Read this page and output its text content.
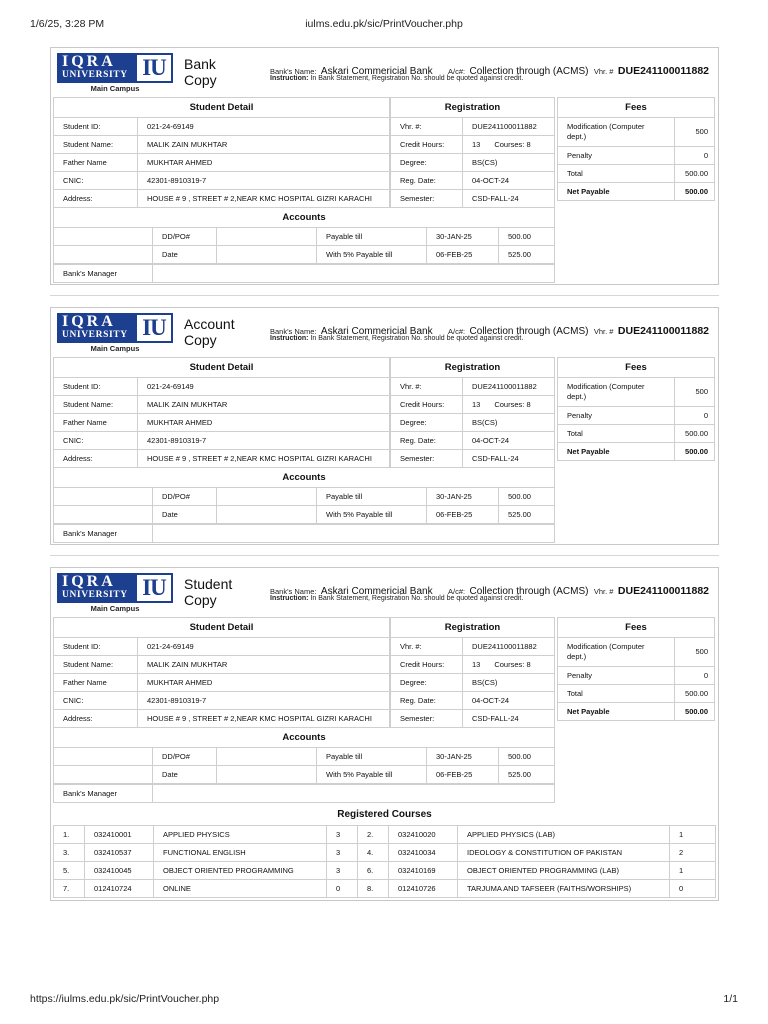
1/6/25, 3:28 PM	iulms.edu.pk/sic/PrintVoucher.php
IQRA
UNIVERSITY IU
Main Campus
Bank
Copy
Bank's Name: Askari Commericial Bank A/c#: Collection through (ACMS) Vhr. # DUE241100011882
Instruction: In Bank Statement, Registration No. should be quoted against credit.
Student Detail	
Student ID:	021-24-69149
Student Name:	MALIK ZAIN MUKHTAR
Father Name	MUKHTAR AHMED
CNIC:	42301-8910319-7
Address:	HOUSE # 9 , STREET # 2,NEAR KMC HOSPITAL GIZRI KARACHI
Registration	
Vhr. #:	DUE241100011882
Credit Hours:	13 Courses: 8
Degree:	BS(CS)
Reg. Date:	04-OCT-24
Semester:	CSD-FALL-24
Fees	
Modification (Computer dept.)	500
Penalty	0
Total	500.00
Net Payable	500.00
Accounts					
	DD/PO#		Payable till	30-JAN-25	500.00
	Date		With 5% Payable till	06-FEB-25	525.00
Bank's Manager	
IQRA
UNIVERSITY IU
Main Campus
Account
Copy
Bank's Name: Askari Commericial Bank A/c#: Collection through (ACMS) Vhr. # DUE241100011882
Instruction: In Bank Statement, Registration No. should be quoted against credit.
Student Detail	
Student ID:	021-24-69149
Student Name:	MALIK ZAIN MUKHTAR
Father Name	MUKHTAR AHMED
CNIC:	42301-8910319-7
Address:	HOUSE # 9 , STREET # 2,NEAR KMC HOSPITAL GIZRI KARACHI
Registration	
Vhr. #:	DUE241100011882
Credit Hours:	13 Courses: 8
Degree:	BS(CS)
Reg. Date:	04-OCT-24
Semester:	CSD-FALL-24
Fees	
Modification (Computer dept.)	500
Penalty	0
Total	500.00
Net Payable	500.00
Accounts					
	DD/PO#		Payable till	30-JAN-25	500.00
	Date		With 5% Payable till	06-FEB-25	525.00
Bank's Manager	
IQRA
UNIVERSITY IU
Main Campus
Student
Copy
Bank's Name: Askari Commericial Bank A/c#: Collection through (ACMS) Vhr. # DUE241100011882
Instruction: In Bank Statement, Registration No. should be quoted against credit.
Student Detail	
Student ID:	021-24-69149
Student Name:	MALIK ZAIN MUKHTAR
Father Name	MUKHTAR AHMED
CNIC:	42301-8910319-7
Address:	HOUSE # 9 , STREET # 2,NEAR KMC HOSPITAL GIZRI KARACHI
Registration	
Vhr. #:	DUE241100011882
Credit Hours:	13 Courses: 8
Degree:	BS(CS)
Reg. Date:	04-OCT-24
Semester:	CSD-FALL-24
Fees	
Modification (Computer dept.)	500
Penalty	0
Total	500.00
Net Payable	500.00
Accounts					
	DD/PO#		Payable till	30-JAN-25	500.00
	Date		With 5% Payable till	06-FEB-25	525.00
Bank's Manager	
Registered Courses
1.	032410001	APPLIED PHYSICS	3	2.	032410020	APPLIED PHYSICS (LAB)	1
3.	032410537	FUNCTIONAL ENGLISH	3	4.	032410034	IDEOLOGY & CONSTITUTION OF PAKISTAN	2
5.	032410045	OBJECT ORIENTED PROGRAMMING	3	6.	032410169	OBJECT ORIENTED PROGRAMMING (LAB)	1
7.	012410724	ONLINE	0	8.	012410726	TARJUMA AND TAFSEER (FAITHS/WORSHIPS)	0
https://iulms.edu.pk/sic/PrintVoucher.php	1/1
